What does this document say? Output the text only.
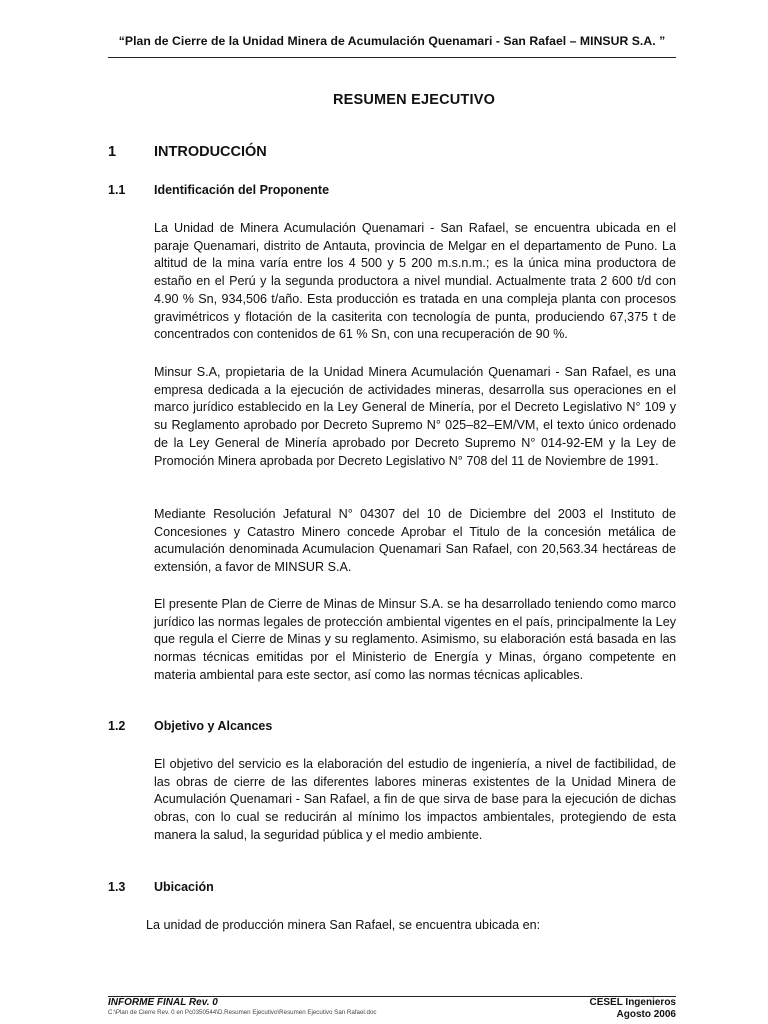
“Plan de Cierre de la Unidad Minera de Acumulación Quenamari - San Rafael – MINSUR S.A. ”
RESUMEN EJECUTIVO
1	INTRODUCCIÓN
1.1 Identificación del Proponente

La Unidad de Minera Acumulación Quenamari - San Rafael, se encuentra ubicada en el paraje Quenamari, distrito de Antauta, provincia de Melgar en el departamento de Puno. La altitud de la mina varía entre los 4 500 y 5 200 m.s.n.m.; es la única mina productora de estaño en el Perú y la segunda productora a nivel mundial. Actualmente trata 2 600 t/d con 4.90 % Sn, 934,506 t/año. Esta producción es tratada en una compleja planta con procesos gravimétricos y flotación de la casiterita con tecnología de punta, produciendo 67,375 t de concentrados con contenidos de 61 % Sn, con una recuperación de 90 %.

Minsur S.A, propietaria de la Unidad Minera Acumulación Quenamari - San Rafael, es una empresa dedicada a la ejecución de actividades mineras, desarrolla sus operaciones en el marco jurídico establecido en la Ley General de Minería, por el Decreto Legislativo N° 109 y su Reglamento aprobado por Decreto Supremo N° 025–82–EM/VM, el texto único ordenado de la Ley General de Minería aprobado por Decreto Supremo N° 014-92-EM y la Ley de Promoción Minera aprobada por Decreto Legislativo N° 708 del 11 de Noviembre de 1991.

Mediante Resolución Jefatural N° 04307 del 10 de Diciembre del 2003 el Instituto de Concesiones y Catastro Minero concede Aprobar el Titulo de la concesión metálica de acumulación denominada Acumulacion Quenamari San Rafael, con 20,563.34 hectáreas de extensión, a favor de MINSUR S.A.

El presente Plan de Cierre de Minas de Minsur S.A. se ha desarrollado teniendo como marco jurídico las normas legales de protección ambiental vigentes en el país, principalmente la Ley que regula el Cierre de Minas y su reglamento. Asimismo, su elaboración está basada en las normas técnicas emitidas por el Ministerio de Energía y Minas, órgano competente en materia ambiental para este sector, así como las normas técnicas aplicables.

1.2 Objetivo y Alcances

El objetivo del servicio es la elaboración del estudio de ingeniería, a nivel de factibilidad, de las obras de cierre de las diferentes labores mineras existentes de la Unidad Minera de Acumulación Quenamari - San Rafael, a fin de que sirva de base para la ejecución de dichas obras, con lo cual se reducirán al mínimo los impactos ambientales, protegiendo de esta manera la salud, la seguridad pública y el medio ambiente.

1.3 Ubicación
La unidad de producción minera San Rafael, se encuentra ubicada en:
INFORME FINAL Rev. 0
C:\Plan de Cierre Rev. 0 en Pc0350544\D.Resumen Ejecutivo\Resumen Ejecutivo San Rafael.doc
CESEL Ingenieros
Agosto 2006
